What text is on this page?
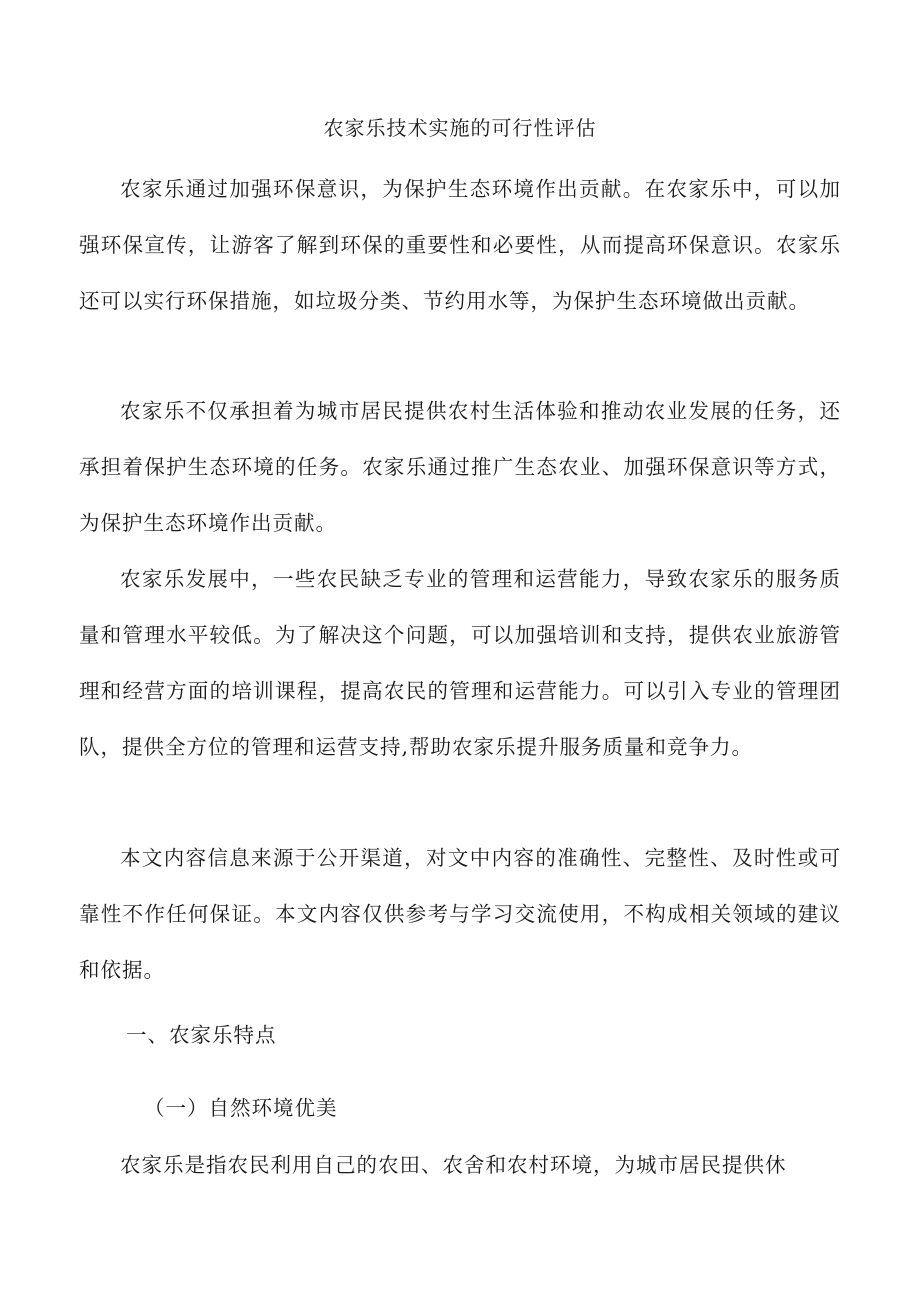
农家乐技术实施的可行性评估

农家乐通过加强环保意识，为保护生态环境作出贡献。在农家乐中，可以加强环保宣传，让游客了解到环保的重要性和必要性，从而提高环保意识。农家乐还可以实行环保措施，如垃圾分类、节约用水等，为保护生态环境做出贡献。

农家乐不仅承担着为城市居民提供农村生活体验和推动农业发展的任务，还承担着保护生态环境的任务。农家乐通过推广生态农业、加强环保意识等方式，为保护生态环境作出贡献。

农家乐发展中，一些农民缺乏专业的管理和运营能力，导致农家乐的服务质量和管理水平较低。为了解决这个问题，可以加强培训和支持，提供农业旅游管理和经营方面的培训课程，提高农民的管理和运营能力。可以引入专业的管理团队，提供全方位的管理和运营支持,帮助农家乐提升服务质量和竞争力。

本文内容信息来源于公开渠道，对文中内容的准确性、完整性、及时性或可靠性不作任何保证。本文内容仅供参考与学习交流使用，不构成相关领域的建议和依据。

一、农家乐特点
（一）自然环境优美

农家乐是指农民利用自己的农田、农舍和农村环境，为城市居民提供休
